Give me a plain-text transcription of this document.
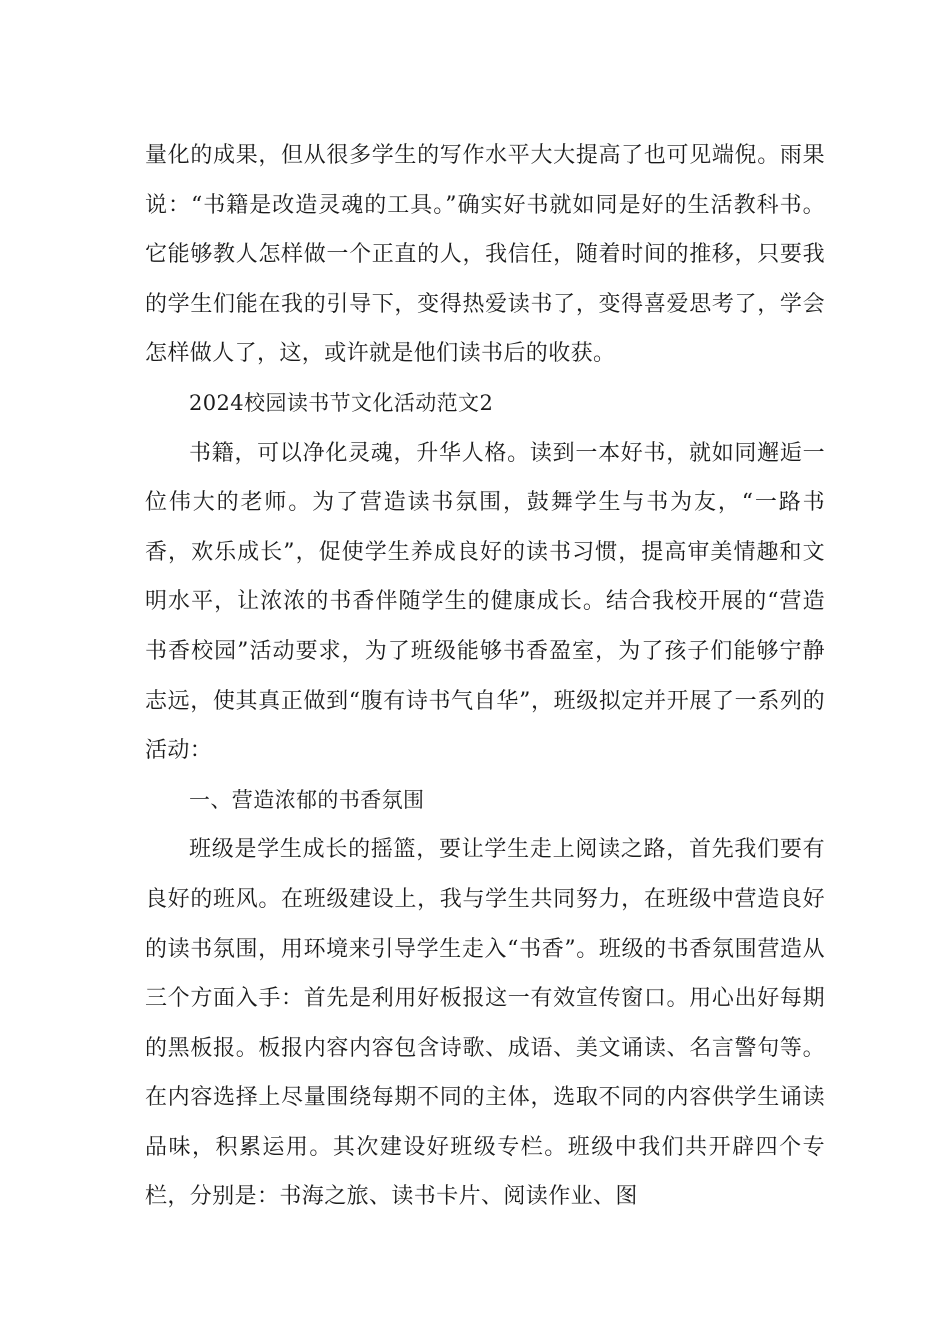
量化的成果，但从很多学生的写作水平大大提高了也可见端倪。雨果说：“书籍是改造灵魂的工具。”确实好书就如同是好的生活教科书。它能够教人怎样做一个正直的人，我信任，随着时间的推移，只要我的学生们能在我的引导下，变得热爱读书了，变得喜爱思考了，学会怎样做人了，这，或许就是他们读书后的收获。

2024校园读书节文化活动范文2

书籍，可以净化灵魂，升华人格。读到一本好书，就如同邂逅一位伟大的老师。为了营造读书氛围，鼓舞学生与书为友，“一路书香，欢乐成长”，促使学生养成良好的读书习惯，提高审美情趣和文明水平，让浓浓的书香伴随学生的健康成长。结合我校开展的“营造书香校园”活动要求，为了班级能够书香盈室，为了孩子们能够宁静志远，使其真正做到“腹有诗书气自华”，班级拟定并开展了一系列的活动：

一、营造浓郁的书香氛围

班级是学生成长的摇篮，要让学生走上阅读之路，首先我们要有良好的班风。在班级建设上，我与学生共同努力，在班级中营造良好的读书氛围，用环境来引导学生走入“书香”。班级的书香氛围营造从三个方面入手：首先是利用好板报这一有效宣传窗口。用心出好每期的黑板报。板报内容内容包含诗歌、成语、美文诵读、名言警句等。在内容选择上尽量围绕每期不同的主体，选取不同的内容供学生诵读品味，积累运用。其次建设好班级专栏。班级中我们共开辟四个专栏，分别是：书海之旅、读书卡片、阅读作业、图
